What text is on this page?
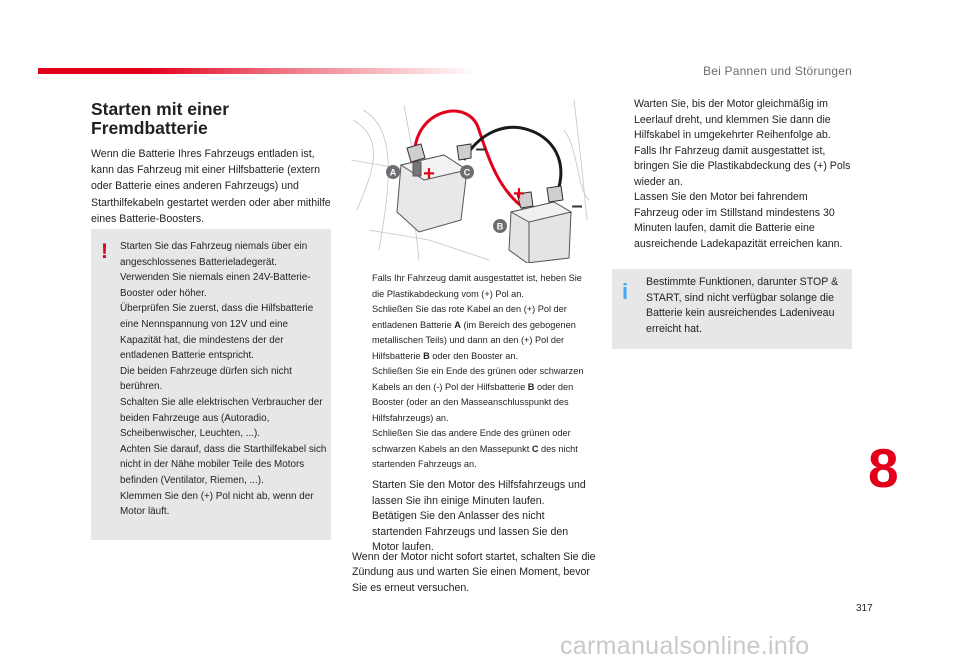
Bei Pannen und Störungen
Starten mit einer Fremdbatterie

Wenn die Batterie Ihres Fahrzeugs entladen ist, kann das Fahrzeug mit einer Hilfsbatterie (extern oder Batterie eines anderen Fahrzeugs) und Starthilfekabeln gestartet werden oder aber mithilfe eines Batterie-Boosters.

! Starten Sie das Fahrzeug niemals über ein angeschlossenes Batterieladegerät.
Verwenden Sie niemals einen 24V-Batterie-Booster oder höher.
Überprüfen Sie zuerst, dass die Hilfsbatterie eine Nennspannung von 12V und eine Kapazität hat, die mindestens der der entladenen Batterie entspricht.
Die beiden Fahrzeuge dürfen sich nicht berühren.
Schalten Sie alle elektrischen Verbraucher der beiden Fahrzeuge aus (Autoradio, Scheibenwischer, Leuchten, ...).
Achten Sie darauf, dass die Starthilfekabel sich nicht in der Nähe mobiler Teile des Motors befinden (Ventilator, Riemen, ...).
Klemmen Sie den (+) Pol nicht ab, wenn der Motor läuft.
+
–
+
–
A	C
B
Falls Ihr Fahrzeug damit ausgestattet ist, heben Sie die Plastikabdeckung vom (+) Pol an.
Schließen Sie das rote Kabel an den (+) Pol der entladenen Batterie A (im Bereich des gebogenen metallischen Teils) und dann an den (+) Pol der Hilfsbatterie B oder den Booster an.
Schließen Sie ein Ende des grünen oder schwarzen Kabels an den (-) Pol der Hilfsbatterie B oder den Booster (oder an den Masseanschlusspunkt des Hilfsfahrzeugs) an.
Schließen Sie das andere Ende des grünen oder schwarzen Kabels an den Massepunkt C des nicht startenden Fahrzeugs an.
Starten Sie den Motor des Hilfsfahrzeugs und lassen Sie ihn einige Minuten laufen.
Betätigen Sie den Anlasser des nicht startenden Fahrzeugs und lassen Sie den Motor laufen.

Wenn der Motor nicht sofort startet, schalten Sie die Zündung aus und warten Sie einen Moment, bevor Sie es erneut versuchen.

Warten Sie, bis der Motor gleichmäßig im Leerlauf dreht, und klemmen Sie dann die Hilfskabel in umgekehrter Reihenfolge ab.
Falls Ihr Fahrzeug damit ausgestattet ist, bringen Sie die Plastikabdeckung des (+) Pols wieder an.
Lassen Sie den Motor bei fahrendem Fahrzeug oder im Stillstand mindestens 30 Minuten laufen, damit die Batterie eine ausreichende Ladekapazität erreichen kann.
i Bestimmte Funktionen, darunter STOP & START, sind nicht verfügbar solange die Batterie kein ausreichendes Ladeniveau erreicht hat.
8
317
carmanualsonline.info
